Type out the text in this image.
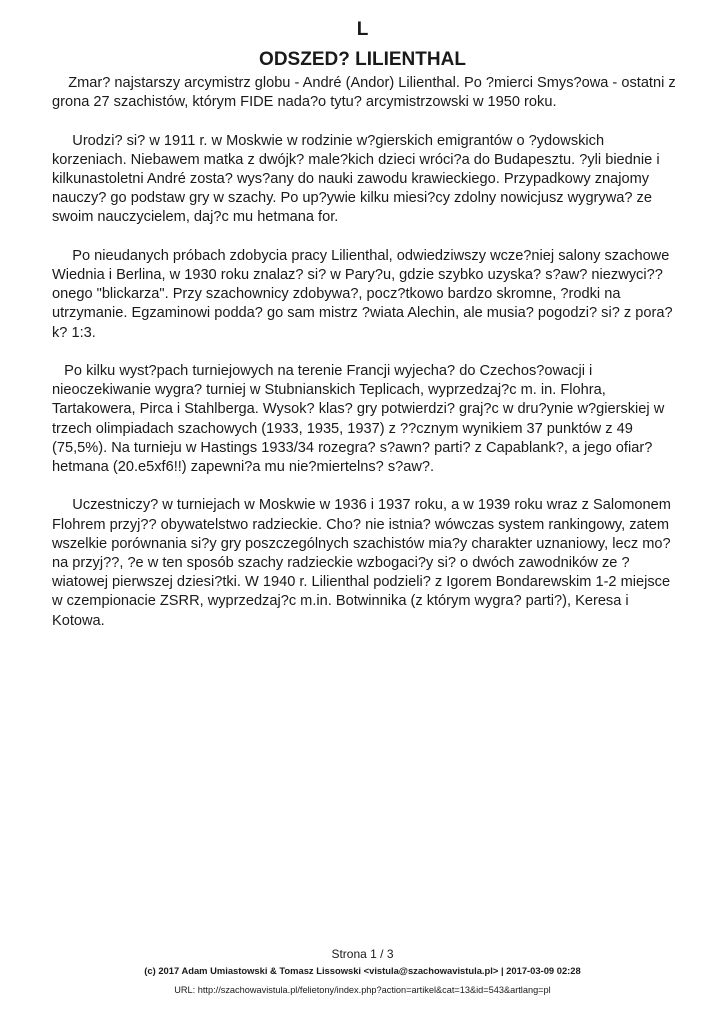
L
ODSZED? LILIENTHAL

Zmar? najstarszy arcymistrz globu - André (Andor) Lilienthal. Po ?mierci Smys?owa - ostatni z grona 27 szachistów, którym FIDE nada?o tytu? arcymistrzowski w 1950 roku.

Urodzi? si? w 1911 r. w Moskwie w rodzinie w?gierskich emigrantów o ?ydowskich korzeniach. Niebawem matka z dwójk? male?kich dzieci wróci?a do Budapesztu. ?yli biednie i kilkunastoletni André zosta? wys?any do nauki zawodu krawieckiego. Przypadkowy znajomy nauczy? go podstaw gry w szachy. Po up?ywie kilku miesi?cy zdolny nowicjusz wygrywa? ze swoim nauczycielem, daj?c mu hetmana for.

Po nieudanych próbach zdobycia pracy Lilienthal, odwiedziwszy wcze?niej salony szachowe Wiednia i Berlina, w 1930 roku znalaz? si? w Pary?u, gdzie szybko uzyska? s?aw? niezwyci??onego "blickarza". Przy szachownicy zdobywa?, pocz?tkowo bardzo skromne, ?rodki na utrzymanie. Egzaminowi podda? go sam mistrz ?wiata Alechin, ale musia? pogodzi? si? z pora?k? 1:3.

Po kilku wyst?pach turniejowych na terenie Francji wyjecha? do Czechos?owacji i nieoczekiwanie wygra? turniej w Stubnianskich Teplicach, wyprzedzaj?c m. in. Flohra, Tartakowera, Pirca i Stahlberga. Wysok? klas? gry potwierdzi? graj?c w dru?ynie w?gierskiej w trzech olimpiadach szachowych (1933, 1935, 1937) z ??cznym wynikiem 37 punktów z 49 (75,5%). Na turnieju w Hastings 1933/34 rozegra? s?awn? parti? z Capablank?, a jego ofiar? hetmana (20.e5xf6!!) zapewni?a mu nie?miertelns? s?aw?.

Uczestniczy? w turniejach w Moskwie w 1936 i 1937 roku, a w 1939 roku wraz z Salomonem Flohrem przyj?? obywatelstwo radzieckie. Cho? nie istnia? wówczas system rankingowy, zatem wszelkie porównania si?y gry poszczególnych szachistów mia?y charakter uznaniowy, lecz mo?na przyj??, ?e w ten sposób szachy radzieckie wzbogaci?y si? o dwóch zawodników ze ?wiatowej pierwszej dziesi?tki. W 1940 r. Lilienthal podzieli? z Igorem Bondarewskim 1-2 miejsce w czempionacie ZSRR, wyprzedzaj?c m.in. Botwinnika (z którym wygra? parti?), Keresa i Kotowa.

Strona 1 / 3
(c) 2017 Adam Umiastowski & Tomasz Lissowski <vistula@szachowavistula.pl> | 2017-03-09 02:28
URL: http://szachowavistula.pl/felietony/index.php?action=artikel&cat=13&id=543&artlang=pl
